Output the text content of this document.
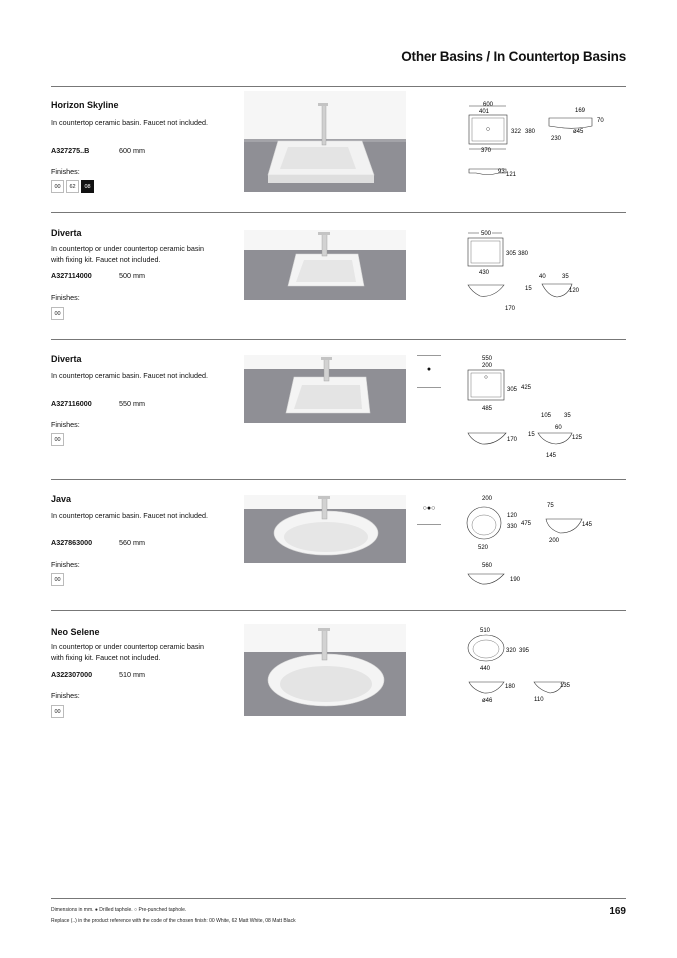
Other Basins / In Countertop Basins
Horizon Skyline
In countertop ceramic basin. Faucet not included.
A327275..B	600 mm
Finishes:
00	62	08
600
401
322 380
370
169
70
ø45
230
93 121
Diverta
In countertop or under countertop ceramic basin with fixing kit. Faucet not included.
A327114000	500 mm
Finishes:
00
500
305 380
430
170
40	35
15	120
Diverta
In countertop ceramic basin. Faucet not included.
A327116000	550 mm
Finishes:
00
●
550
200
305 425
485
170
105 35
60
15	125
145
Java
In countertop ceramic basin. Faucet not included.
A327863000	560 mm
Finishes:
00
○●○
200
120
330 475
520
75
145
200
560
190
Neo Selene
In countertop or under countertop ceramic basin with fixing kit. Faucet not included.
A322307000	510 mm
Finishes:
00
510
320 395
440
180
ø46
135
110
Dimensions in mm. ● Drilled taphole. ○ Pre-punched taphole.
Replace (..) in the product reference with the code of the chosen finish: 00 White, 62 Matt White, 08 Matt Black
169
